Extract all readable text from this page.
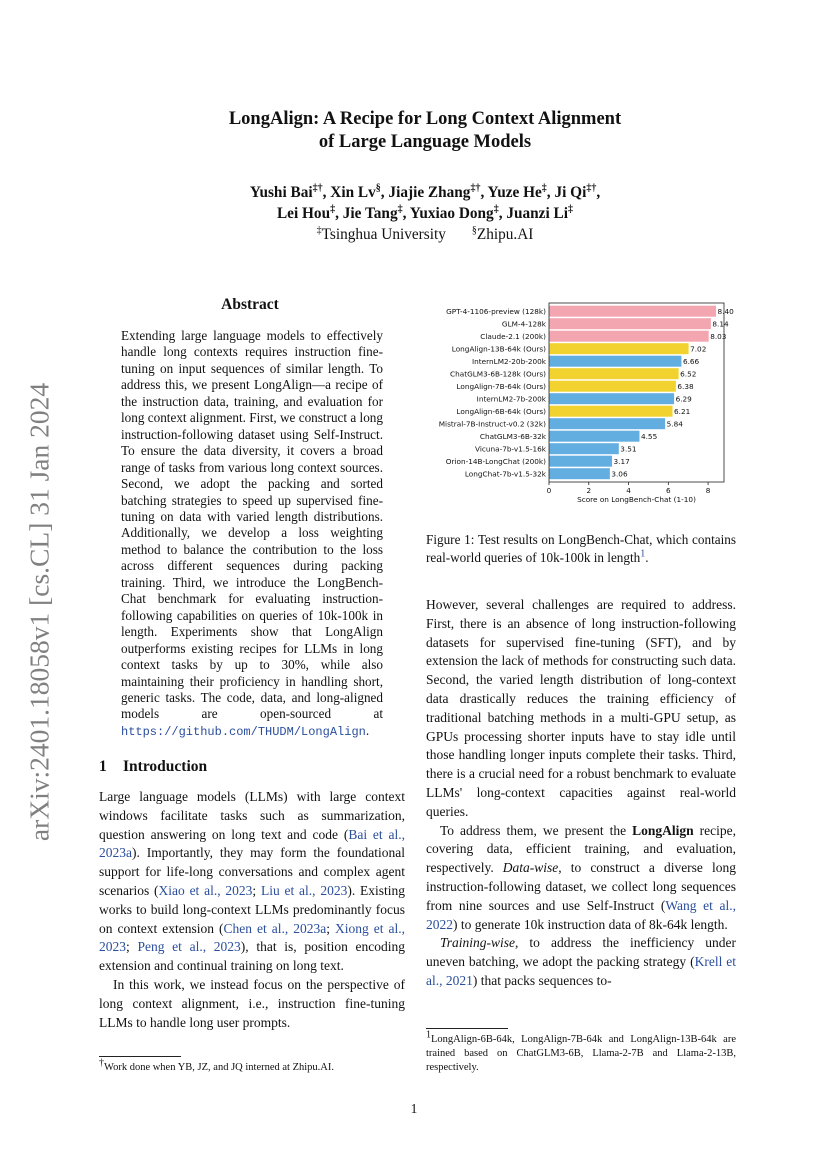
arXiv:2401.18058v1 [cs.CL] 31 Jan 2024
LongAlign: A Recipe for Long Context Alignment
of Large Language Models
Yushi Bai‡†, Xin Lv§, Jiajie Zhang‡†, Yuze He‡, Ji Qi‡†,
Lei Hou‡, Jie Tang‡, Yuxiao Dong‡, Juanzi Li‡
‡Tsinghua University	§Zhipu.AI
Abstract

Extending large language models to effectively handle long contexts requires instruction fine-tuning on input sequences of similar length. To address this, we present LongAlign—a recipe of the instruction data, training, and evaluation for long context alignment. First, we construct a long instruction-following dataset using Self-Instruct. To ensure the data diversity, it covers a broad range of tasks from various long context sources. Second, we adopt the packing and sorted batching strategies to speed up supervised fine-tuning on data with varied length distributions. Additionally, we develop a loss weighting method to balance the contribution to the loss across different sequences during packing training. Third, we introduce the LongBench-Chat benchmark for evaluating instruction-following capabilities on queries of 10k-100k in length. Experiments show that LongAlign outperforms existing recipes for LLMs in long context tasks by up to 30%, while also maintaining their proficiency in handling short, generic tasks. The code, data, and long-aligned models are open-sourced at https://github.com/THUDM/LongAlign.

1 Introduction

Large language models (LLMs) with large context windows facilitate tasks such as summarization, question answering on long text and code (Bai et al., 2023a). Importantly, they may form the foundational support for life-long conversations and complex agent scenarios (Xiao et al., 2023; Liu et al., 2023). Existing works to build long-context LLMs predominantly focus on context extension (Chen et al., 2023a; Xiong et al., 2023; Peng et al., 2023), that is, position encoding extension and continual training on long text.

In this work, we instead focus on the perspective of long context alignment, i.e., instruction fine-tuning LLMs to handle long user prompts.

†Work done when YB, JZ, and JQ interned at Zhipu.AI.

GPT-4-1106-preview (128k)	8.40
GLM-4-128k	8.14
Claude-2.1 (200k)	8.03
LongAlign-13B-64k (Ours)	7.02
InternLM2-20b-200k	6.66
ChatGLM3-6B-128k (Ours)	6.52
LongAlign-7B-64k (Ours)	6.38
InternLM2-7b-200k	6.29
LongAlign-6B-64k (Ours)	6.21
Mistral-7B-Instruct-v0.2 (32k)	5.84
ChatGLM3-6B-32k	4.55
Vicuna-7b-v1.5-16k	3.51
Orion-14B-LongChat (200k)	3.17
LongChat-7b-v1.5-32k	3.06
0	2	4	6	8
Score on LongBench-Chat (1-10)

Figure 1: Test results on LongBench-Chat, which contains real-world queries of 10k-100k in length$^1$.

However, several challenges are required to address. First, there is an absence of long instruction-following datasets for supervised fine-tuning (SFT), and by extension the lack of methods for constructing such data. Second, the varied length distribution of long-context data drastically reduces the training efficiency of traditional batching methods in a multi-GPU setup, as GPUs processing shorter inputs have to stay idle until those handling longer inputs complete their tasks. Third, there is a crucial need for a robust benchmark to evaluate LLMs' long-context capacities against real-world queries.

To address them, we present the LongAlign recipe, covering data, efficient training, and evaluation, respectively. Data-wise, to construct a diverse long instruction-following dataset, we collect long sequences from nine sources and use Self-Instruct (Wang et al., 2022) to generate 10k instruction data of 8k-64k length.

Training-wise, to address the inefficiency under uneven batching, we adopt the packing strategy (Krell et al., 2021) that packs sequences to-

$^1$LongAlign-6B-64k, LongAlign-7B-64k and LongAlign-13B-64k are trained based on ChatGLM3-6B, Llama-2-7B and Llama-2-13B, respectively.

1
